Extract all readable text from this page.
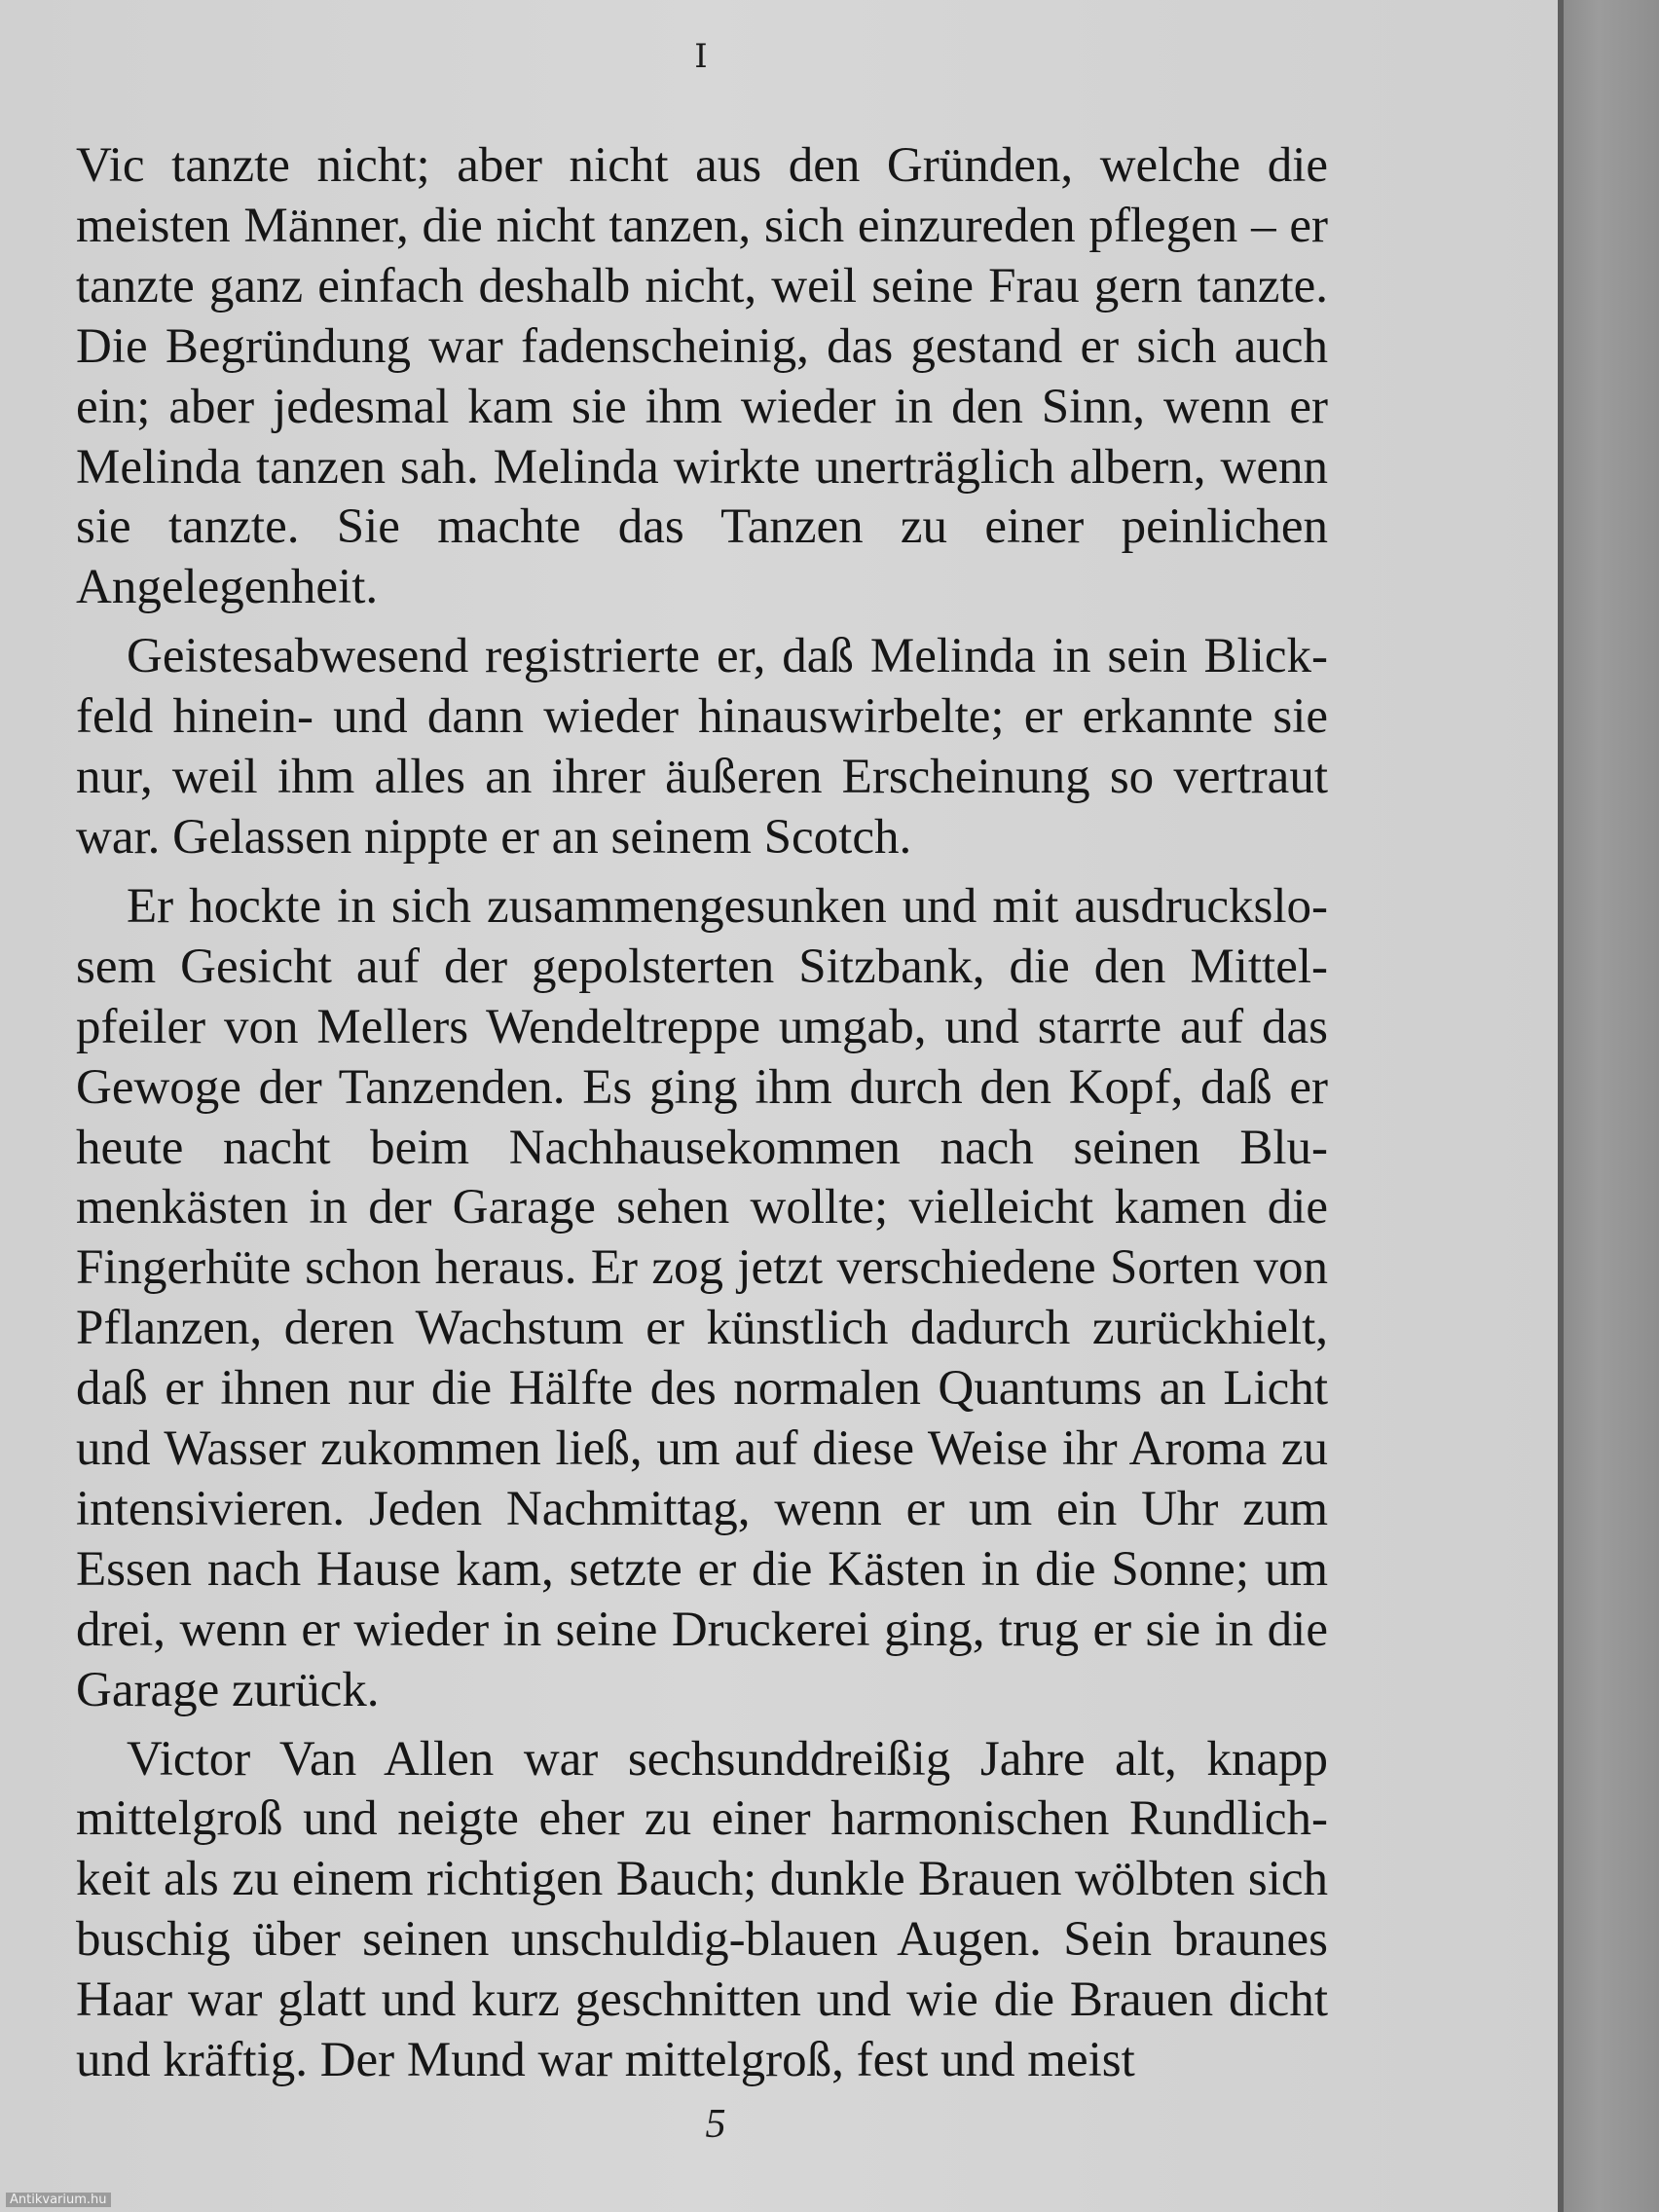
I

Vic tanzte nicht; aber nicht aus den Gründen, welche die meisten Männer, die nicht tanzen, sich einzureden pflegen – er tanzte ganz einfach deshalb nicht, weil seine Frau gern tanzte. Die Begründung war fadenscheinig, das gestand er sich auch ein; aber jedesmal kam sie ihm wieder in den Sinn, wenn er Melinda tanzen sah. Melinda wirkte unerträglich albern, wenn sie tanzte. Sie machte das Tanzen zu einer peinlichen Angelegenheit.

Geistesabwesend registrierte er, daß Melinda in sein Blickfeld hinein- und dann wieder hinauswirbelte; er erkannte sie nur, weil ihm alles an ihrer äußeren Erscheinung so vertraut war. Gelassen nippte er an seinem Scotch.

Er hockte in sich zusammengesunken und mit ausdruckslosem Gesicht auf der gepolsterten Sitzbank, die den Mittelpfeiler von Mellers Wendeltreppe umgab, und starrte auf das Gewoge der Tanzenden. Es ging ihm durch den Kopf, daß er heute nacht beim Nachhausekommen nach seinen Blumenkästen in der Garage sehen wollte; vielleicht kamen die Fingerhüte schon heraus. Er zog jetzt verschiedene Sorten von Pflanzen, deren Wachstum er künstlich dadurch zurückhielt, daß er ihnen nur die Hälfte des normalen Quantums an Licht und Wasser zukommen ließ, um auf diese Weise ihr Aroma zu intensivieren. Jeden Nachmittag, wenn er um ein Uhr zum Essen nach Hause kam, setzte er die Kästen in die Sonne; um drei, wenn er wieder in seine Druckerei ging, trug er sie in die Garage zurück.

Victor Van Allen war sechsunddreißig Jahre alt, knapp mittelgroß und neigte eher zu einer harmonischen Rundlichkeit als zu einem richtigen Bauch; dunkle Brauen wölbten sich buschig über seinen unschuldig-blauen Augen. Sein braunes Haar war glatt und kurz geschnitten und wie die Brauen dicht und kräftig. Der Mund war mittelgroß, fest und meist

5
Antikvarium.hu
